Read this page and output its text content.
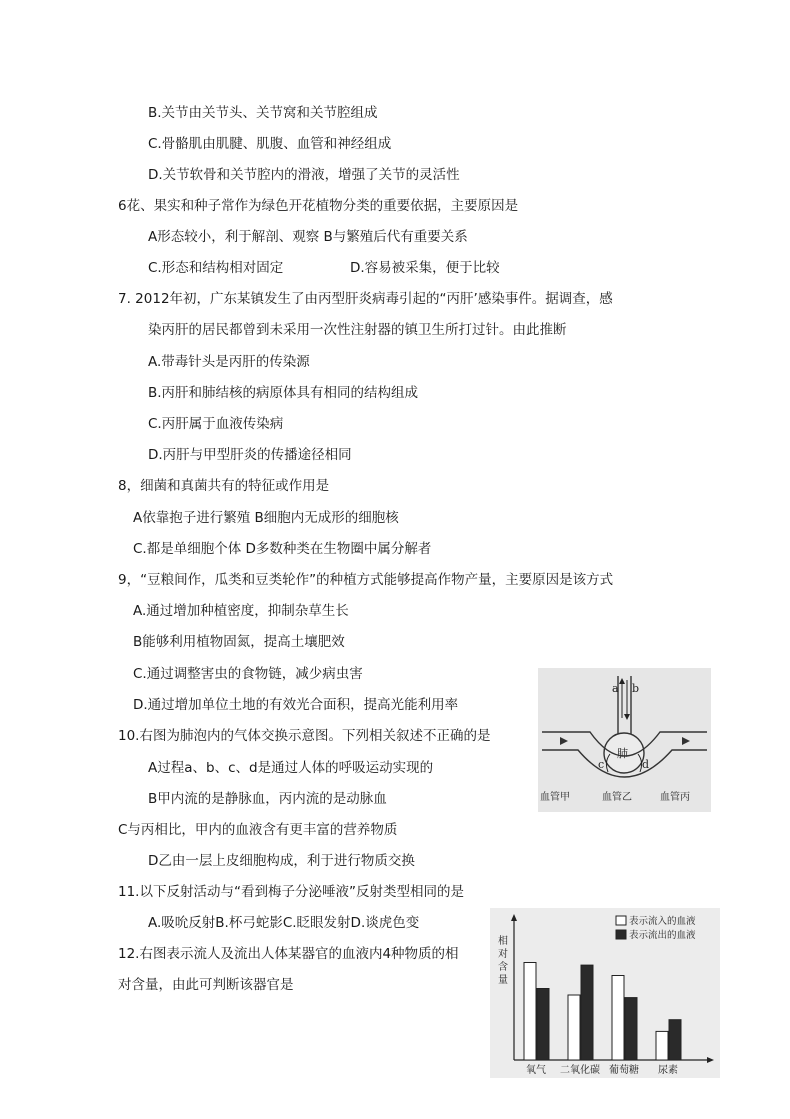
B.关节由关节头、关节窝和关节腔组成
C.骨骼肌由肌腱、肌腹、血管和神经组成
D.关节软骨和关节腔内的滑液，增强了关节的灵活性
6花、果实和种子常作为绿色开花植物分类的重要依据，主要原因是
A形态较小，利于解剖、观察 B与繁殖后代有重要关系
C.形态和结构相对固定	D.容易被采集，便于比较
7. 2012年初，广东某镇发生了由丙型肝炎病毒引起的“丙肝’感染事件。据调查，感
染丙肝的居民都曾到未采用一次性注射器的镇卫生所打过针。由此推断
A.带毒针头是丙肝的传染源
B.丙肝和肺结核的病原体具有相同的结构组成
C.丙肝属于血液传染病
D.丙肝与甲型肝炎的传播途径相同
8，细菌和真菌共有的特征或作用是
A依靠抱子进行繁殖 B细胞内无成形的细胞核
C.都是单细胞个体 D多数种类在生物圈中属分解者
9，“豆粮间作，瓜类和豆类轮作”的种植方式能够提高作物产量，主要原因是该方式
A.通过增加种植密度，抑制杂草生长
B能够利用植物固氮，提高土壤肥效
C.通过调整害虫的食物链，减少病虫害
D.通过增加单位土地的有效光合面积，提高光能利用率
10.右图为肺泡内的气体交换示意图。下列相关叙述不正确的是
A过程a、b、c、d是通过人体的呼吸运动实现的
B甲内流的是静脉血，丙内流的是动脉血
C与丙相比，甲内的血液含有更丰富的营养物质
D乙由一层上皮细胞构成，利于进行物质交换
11.以下反射活动与“看到梅子分泌唾液”反射类型相同的是
A.吸吮反射B.杯弓蛇影C.眨眼发射D.谈虎色变
12.右图表示流人及流出人体某器官的血液内4种物质的相
对含量，由此可判断该器官是
a b
肺
c	d
血管甲	血管乙	血管丙
相
对
含
量
表示流入的血液
表示流出的血液
氧气 二氧化碳 葡萄糖 尿素
